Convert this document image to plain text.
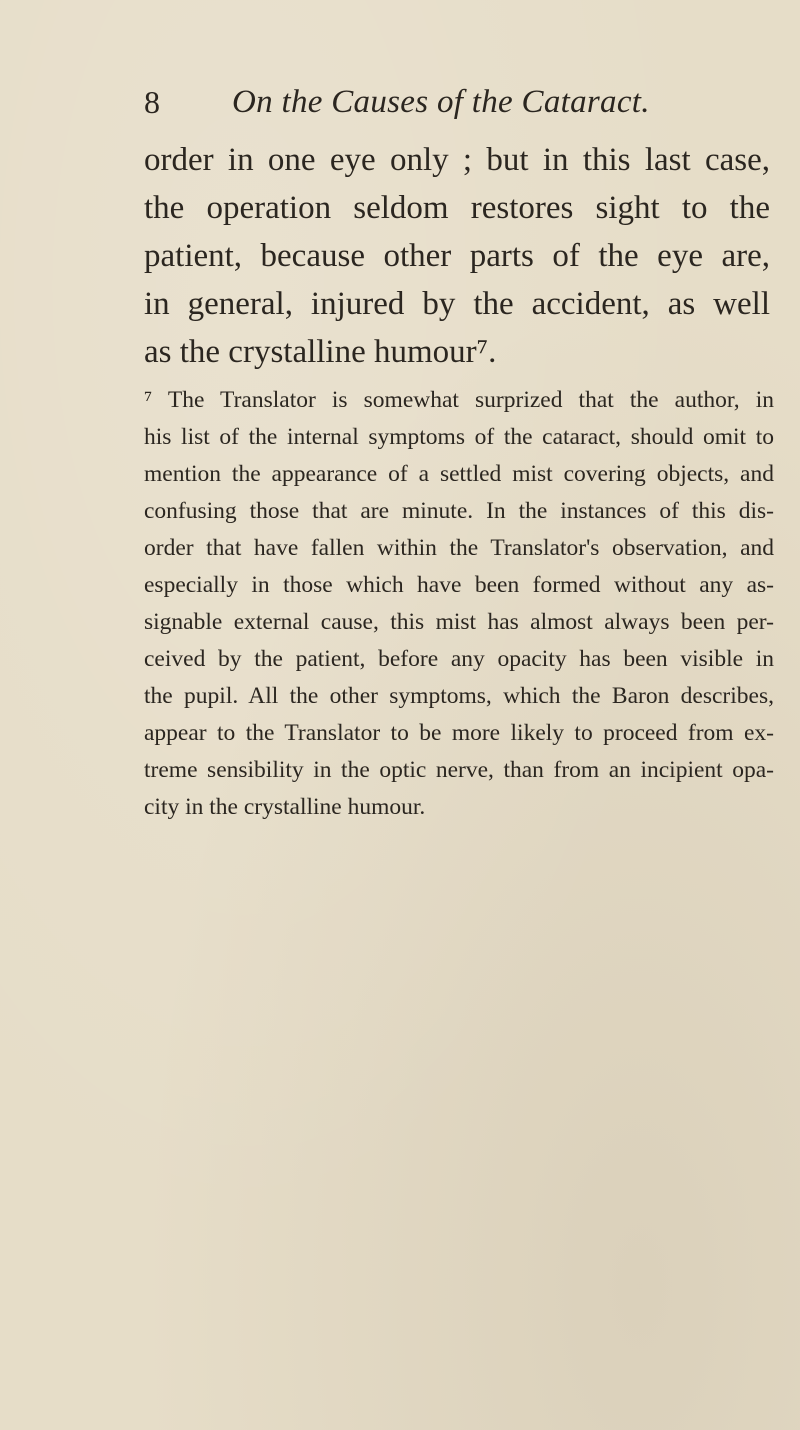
8 On the Causes of the Cataract.
order in one eye only ; but in this last case,
the operation seldom restores sight to the
patient, because other parts of the eye are,
in general, injured by the accident, as well
as the crystalline humour⁷.
⁷ The Translator is somewhat surprized that the author, in
his list of the internal symptoms of the cataract, should omit to
mention the appearance of a settled mist covering objects, and
confusing those that are minute. In the instances of this dis-
order that have fallen within the Translator's observation, and
especially in those which have been formed without any as-
signable external cause, this mist has almost always been per-
ceived by the patient, before any opacity has been visible in
the pupil. All the other symptoms, which the Baron describes,
appear to the Translator to be more likely to proceed from ex-
treme sensibility in the optic nerve, than from an incipient opa-
city in the crystalline humour.
